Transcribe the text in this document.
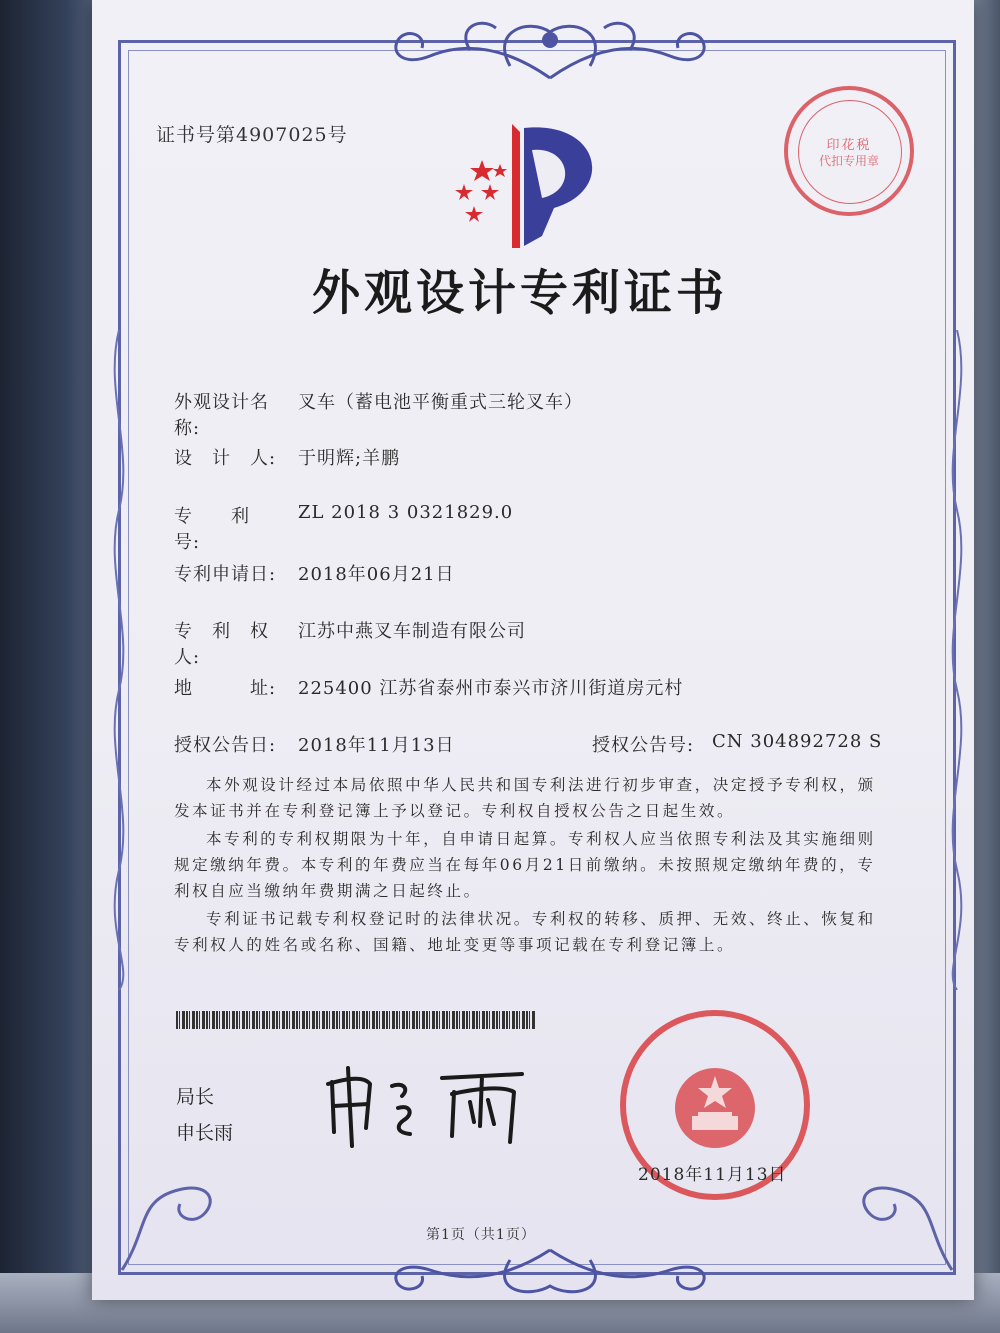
证书号第4907025号	印花税
代扣专用章
外观设计专利证书
外观设计名称:
叉车（蓄电池平衡重式三轮叉车）
设　计　人:	于明辉;羊鹏
专　　利　号:
ZL 2018 3 0321829.0
专利申请日:	2018年06月21日
专　利　权　人:
江苏中燕叉车制造有限公司
地　　　址:	225400 江苏省泰州市泰兴市济川街道房元村
授权公告日:	2018年11月13日	授权公告号: CN 304892728 S
本外观设计经过本局依照中华人民共和国专利法进行初步审查，决定授予专利权，颁发本证书并在专利登记簿上予以登记。专利权自授权公告之日起生效。
本专利的专利权期限为十年，自申请日起算。专利权人应当依照专利法及其实施细则规定缴纳年费。本专利的年费应当在每年06月21日前缴纳。未按照规定缴纳年费的，专利权自应当缴纳年费期满之日起终止。
专利证书记载专利权登记时的法律状况。专利权的转移、质押、无效、终止、恢复和专利权人的姓名或名称、国籍、地址变更等事项记载在专利登记簿上。
局长
申长雨
2018年11月13日
第1页（共1页）
